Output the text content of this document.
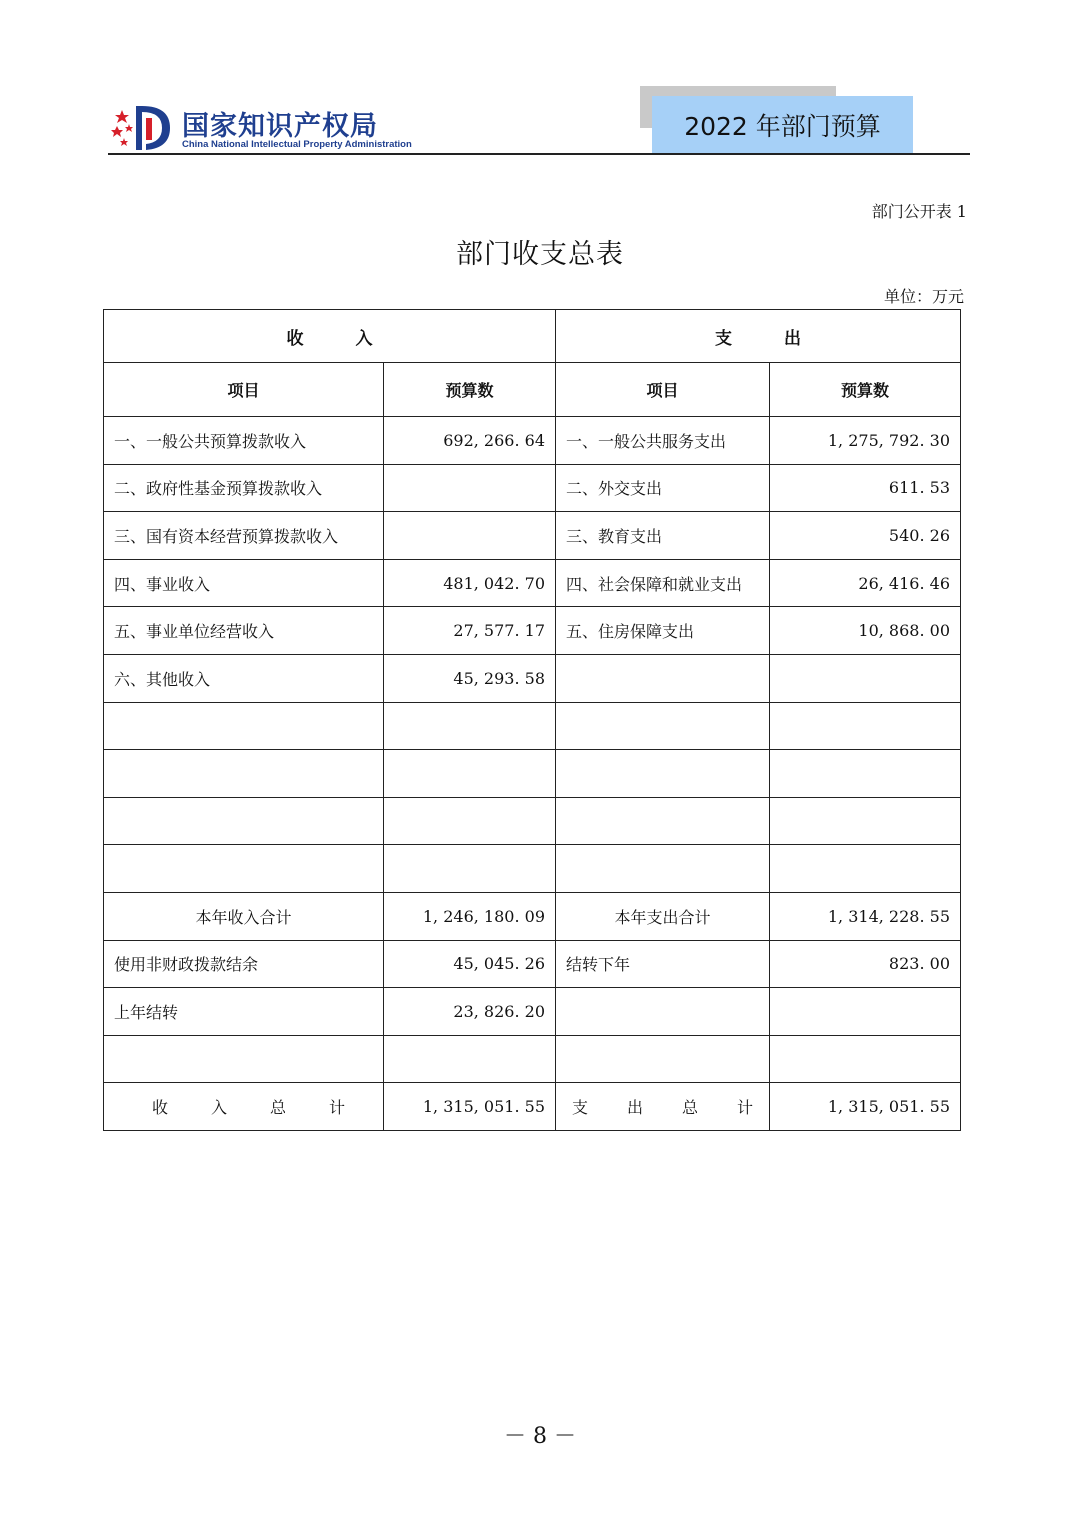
国家知识产权局
China National Intellectual Property Administration
2022 年部门预算
部门公开表 1
部门收支总表
单位：万元
收入		支出	
项目	预算数	项目	预算数
一、一般公共预算拨款收入	692, 266. 64	一、一般公共服务支出	1, 275, 792. 30
二、政府性基金预算拨款收入		二、外交支出	611. 53
三、国有资本经营预算拨款收入		三、教育支出	540. 26
四、事业收入	481, 042. 70	四、社会保障和就业支出	26, 416. 46
五、事业单位经营收入	27, 577. 17	五、住房保障支出	10, 868. 00
六、其他收入	45, 293. 58		

本年收入合计	1, 246, 180. 09	本年支出合计	1, 314, 228. 55
使用非财政拨款结余	45, 045. 26	结转下年	823. 00
上年结转	23, 826. 20		

收入总计	1, 315, 051. 55	支出总计	1, 315, 051. 55
－ 8 －
